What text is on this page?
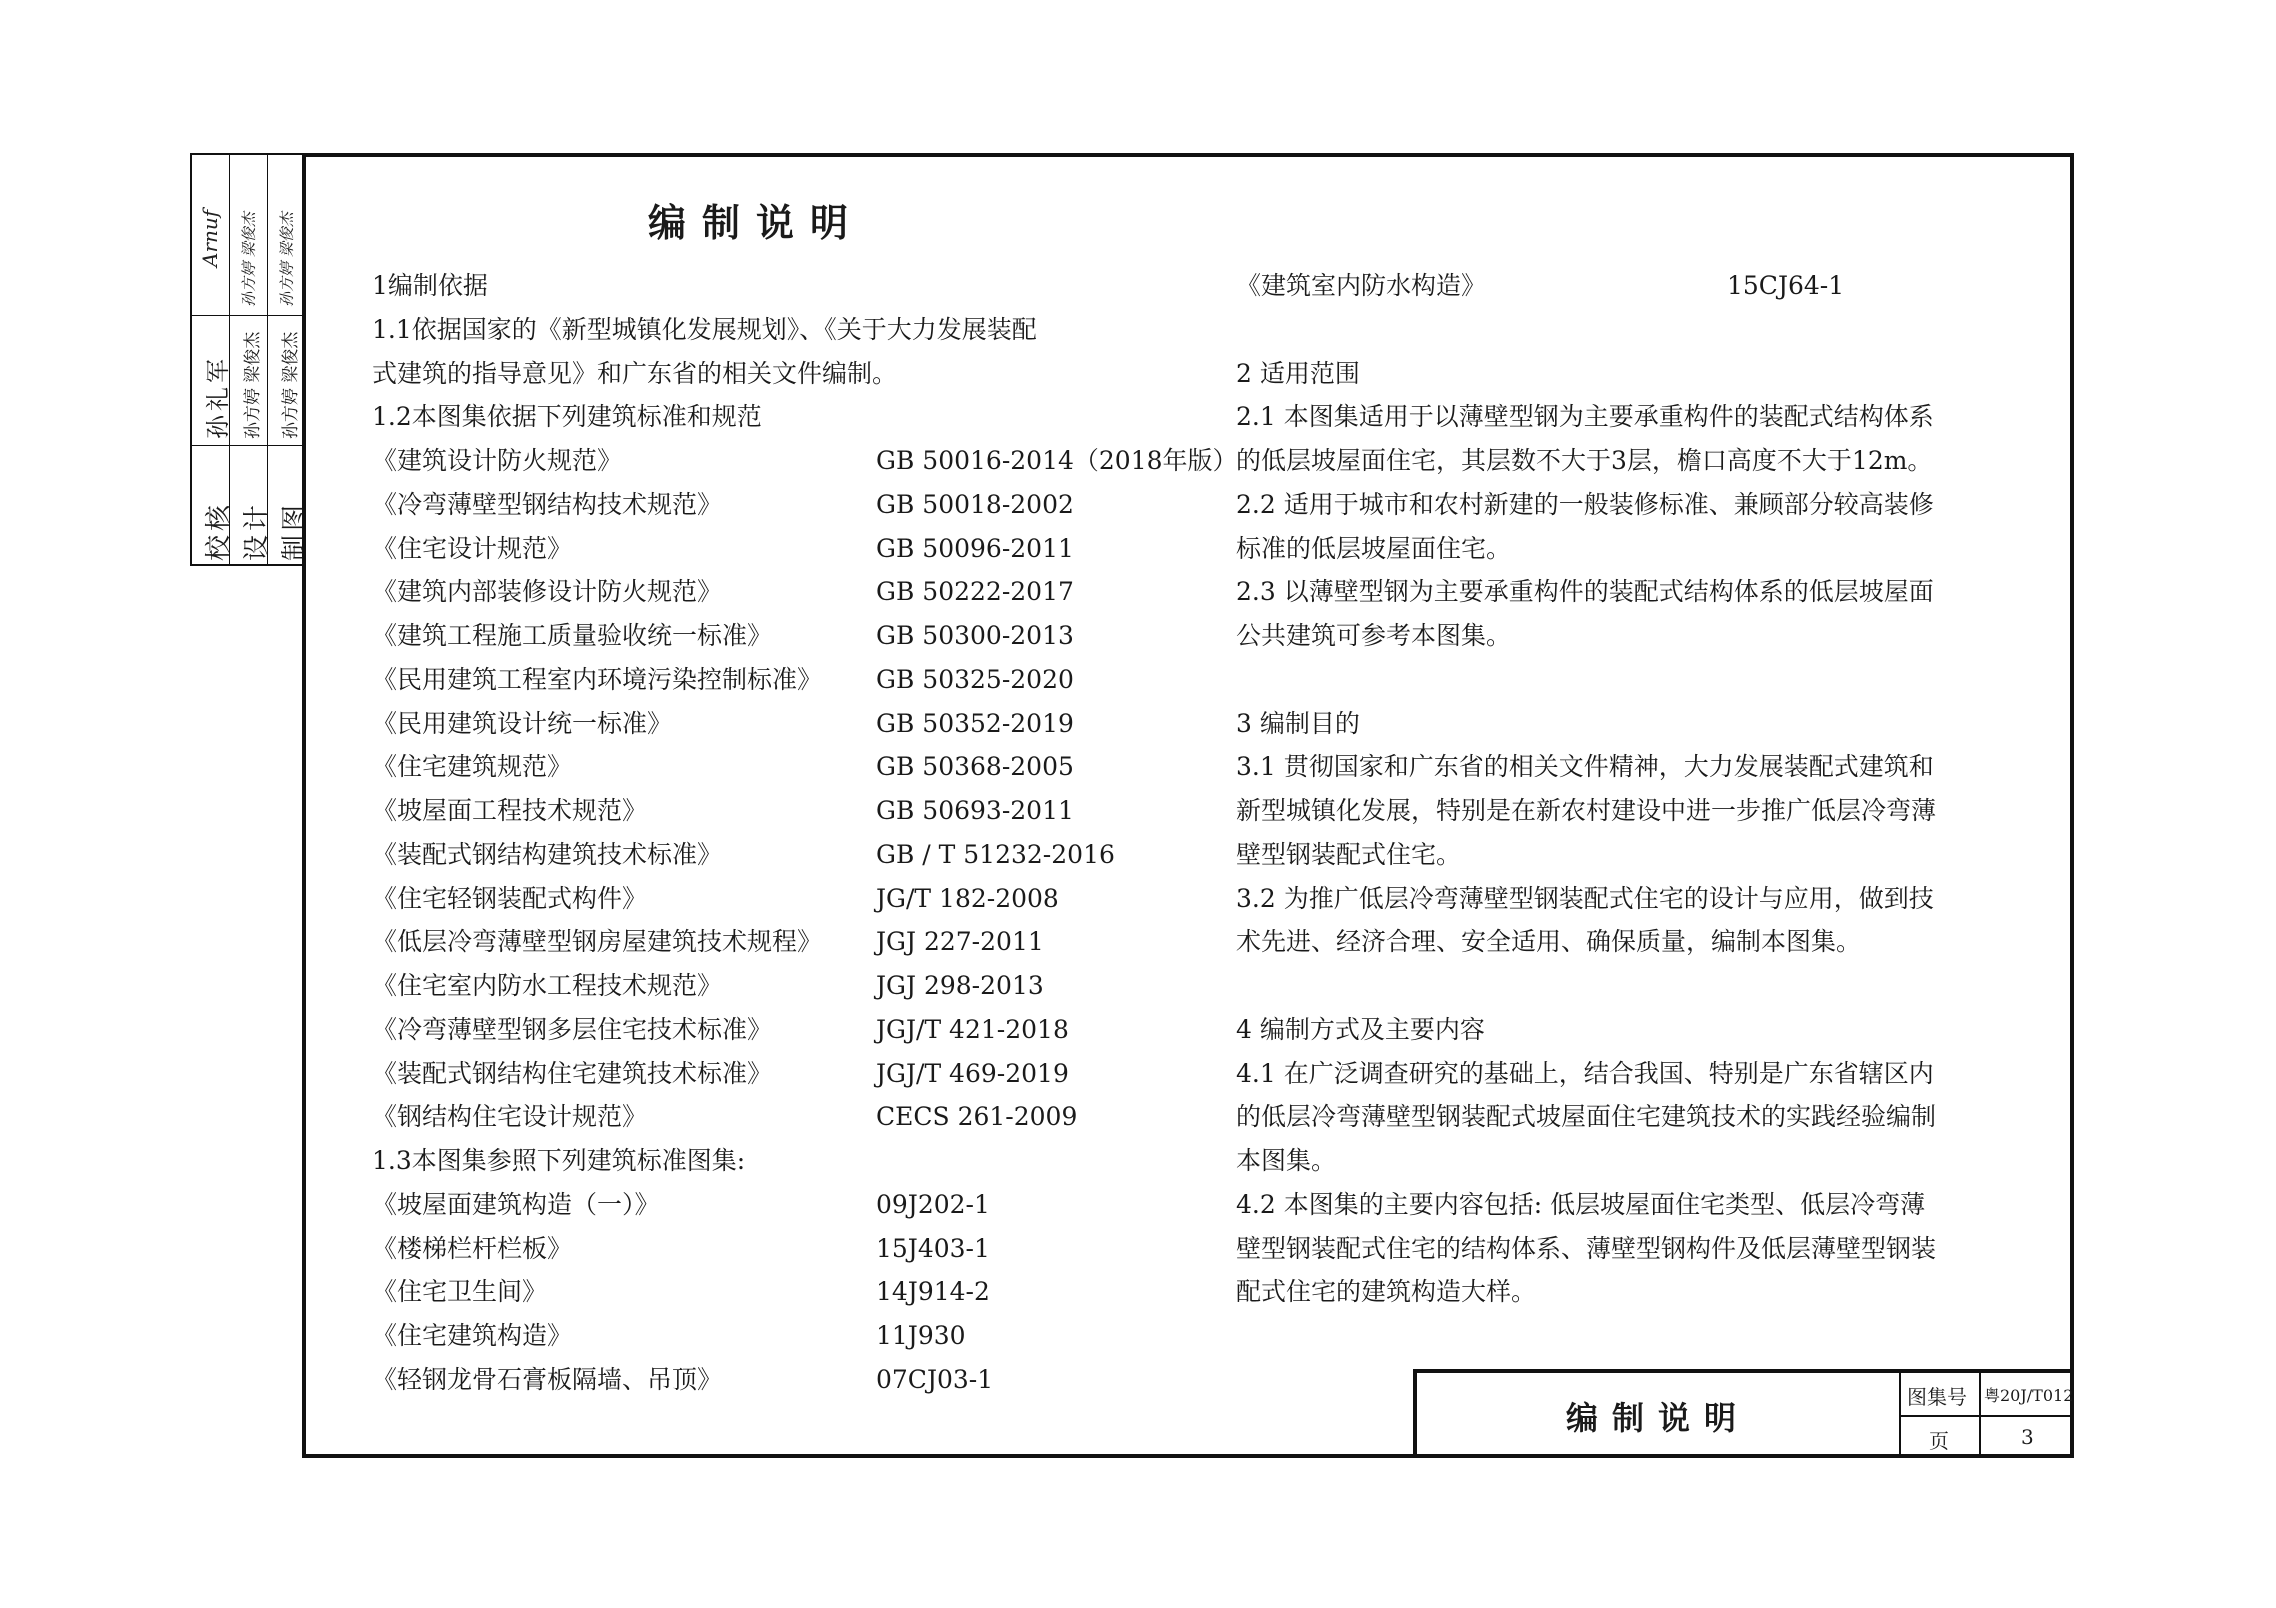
校核 设计 制图
孙礼军 孙方婷 梁俊杰 孙方婷 梁俊杰
Arnuf 孙方婷 梁俊杰 孙方婷 梁俊杰	编制说明
1编制依据
1.1依据国家的《新型城镇化发展规划》、《关于大力发展装配
式建筑的指导意见》和广东省的相关文件编制。
1.2本图集依据下列建筑标准和规范
《建筑设计防火规范》	GB 50016-2014（2018年版）
《冷弯薄壁型钢结构技术规范》	GB 50018-2002
《住宅设计规范》	GB 50096-2011
《建筑内部装修设计防火规范》	GB 50222-2017
《建筑工程施工质量验收统一标准》	GB 50300-2013
《民用建筑工程室内环境污染控制标准》 GB 50325-2020
《民用建筑设计统一标准》	GB 50352-2019
《住宅建筑规范》	GB 50368-2005
《坡屋面工程技术规范》	GB 50693-2011
《装配式钢结构建筑技术标准》	GB / T 51232-2016
《住宅轻钢装配式构件》	JG/T 182-2008
《低层冷弯薄壁型钢房屋建筑技术规程》 JGJ 227-2011
《住宅室内防水工程技术规范》	JGJ 298-2013
《冷弯薄壁型钢多层住宅技术标准》	JGJ/T 421-2018
《装配式钢结构住宅建筑技术标准》	JGJ/T 469-2019
《钢结构住宅设计规范》	CECS 261-2009
1.3本图集参照下列建筑标准图集:
《坡屋面建筑构造（一）》	09J202-1
《楼梯栏杆栏板》	15J403-1
《住宅卫生间》	14J914-2
《住宅建筑构造》	11J930
《轻钢龙骨石膏板隔墙、吊顶》	07CJ03-1
《建筑室内防水构造》	15CJ64-1
2 适用范围
2.1 本图集适用于以薄壁型钢为主要承重构件的装配式结构体系
的低层坡屋面住宅，其层数不大于3层，檐口高度不大于12m。
2.2 适用于城市和农村新建的一般装修标准、兼顾部分较高装修
标准的低层坡屋面住宅。
2.3 以薄壁型钢为主要承重构件的装配式结构体系的低层坡屋面
公共建筑可参考本图集。
3 编制目的
3.1 贯彻国家和广东省的相关文件精神，大力发展装配式建筑和
新型城镇化发展，特别是在新农村建设中进一步推广低层冷弯薄
壁型钢装配式住宅。
3.2 为推广低层冷弯薄壁型钢装配式住宅的设计与应用，做到技
术先进、经济合理、安全适用、确保质量，编制本图集。
4 编制方式及主要内容
4.1 在广泛调查研究的基础上，结合我国、特别是广东省辖区内
的低层冷弯薄壁型钢装配式坡屋面住宅建筑技术的实践经验编制
本图集。
4.2 本图集的主要内容包括: 低层坡屋面住宅类型、低层冷弯薄
壁型钢装配式住宅的结构体系、薄壁型钢构件及低层薄壁型钢装
配式住宅的建筑构造大样。
编制说明
图集号 粤20J/T012
页	3
